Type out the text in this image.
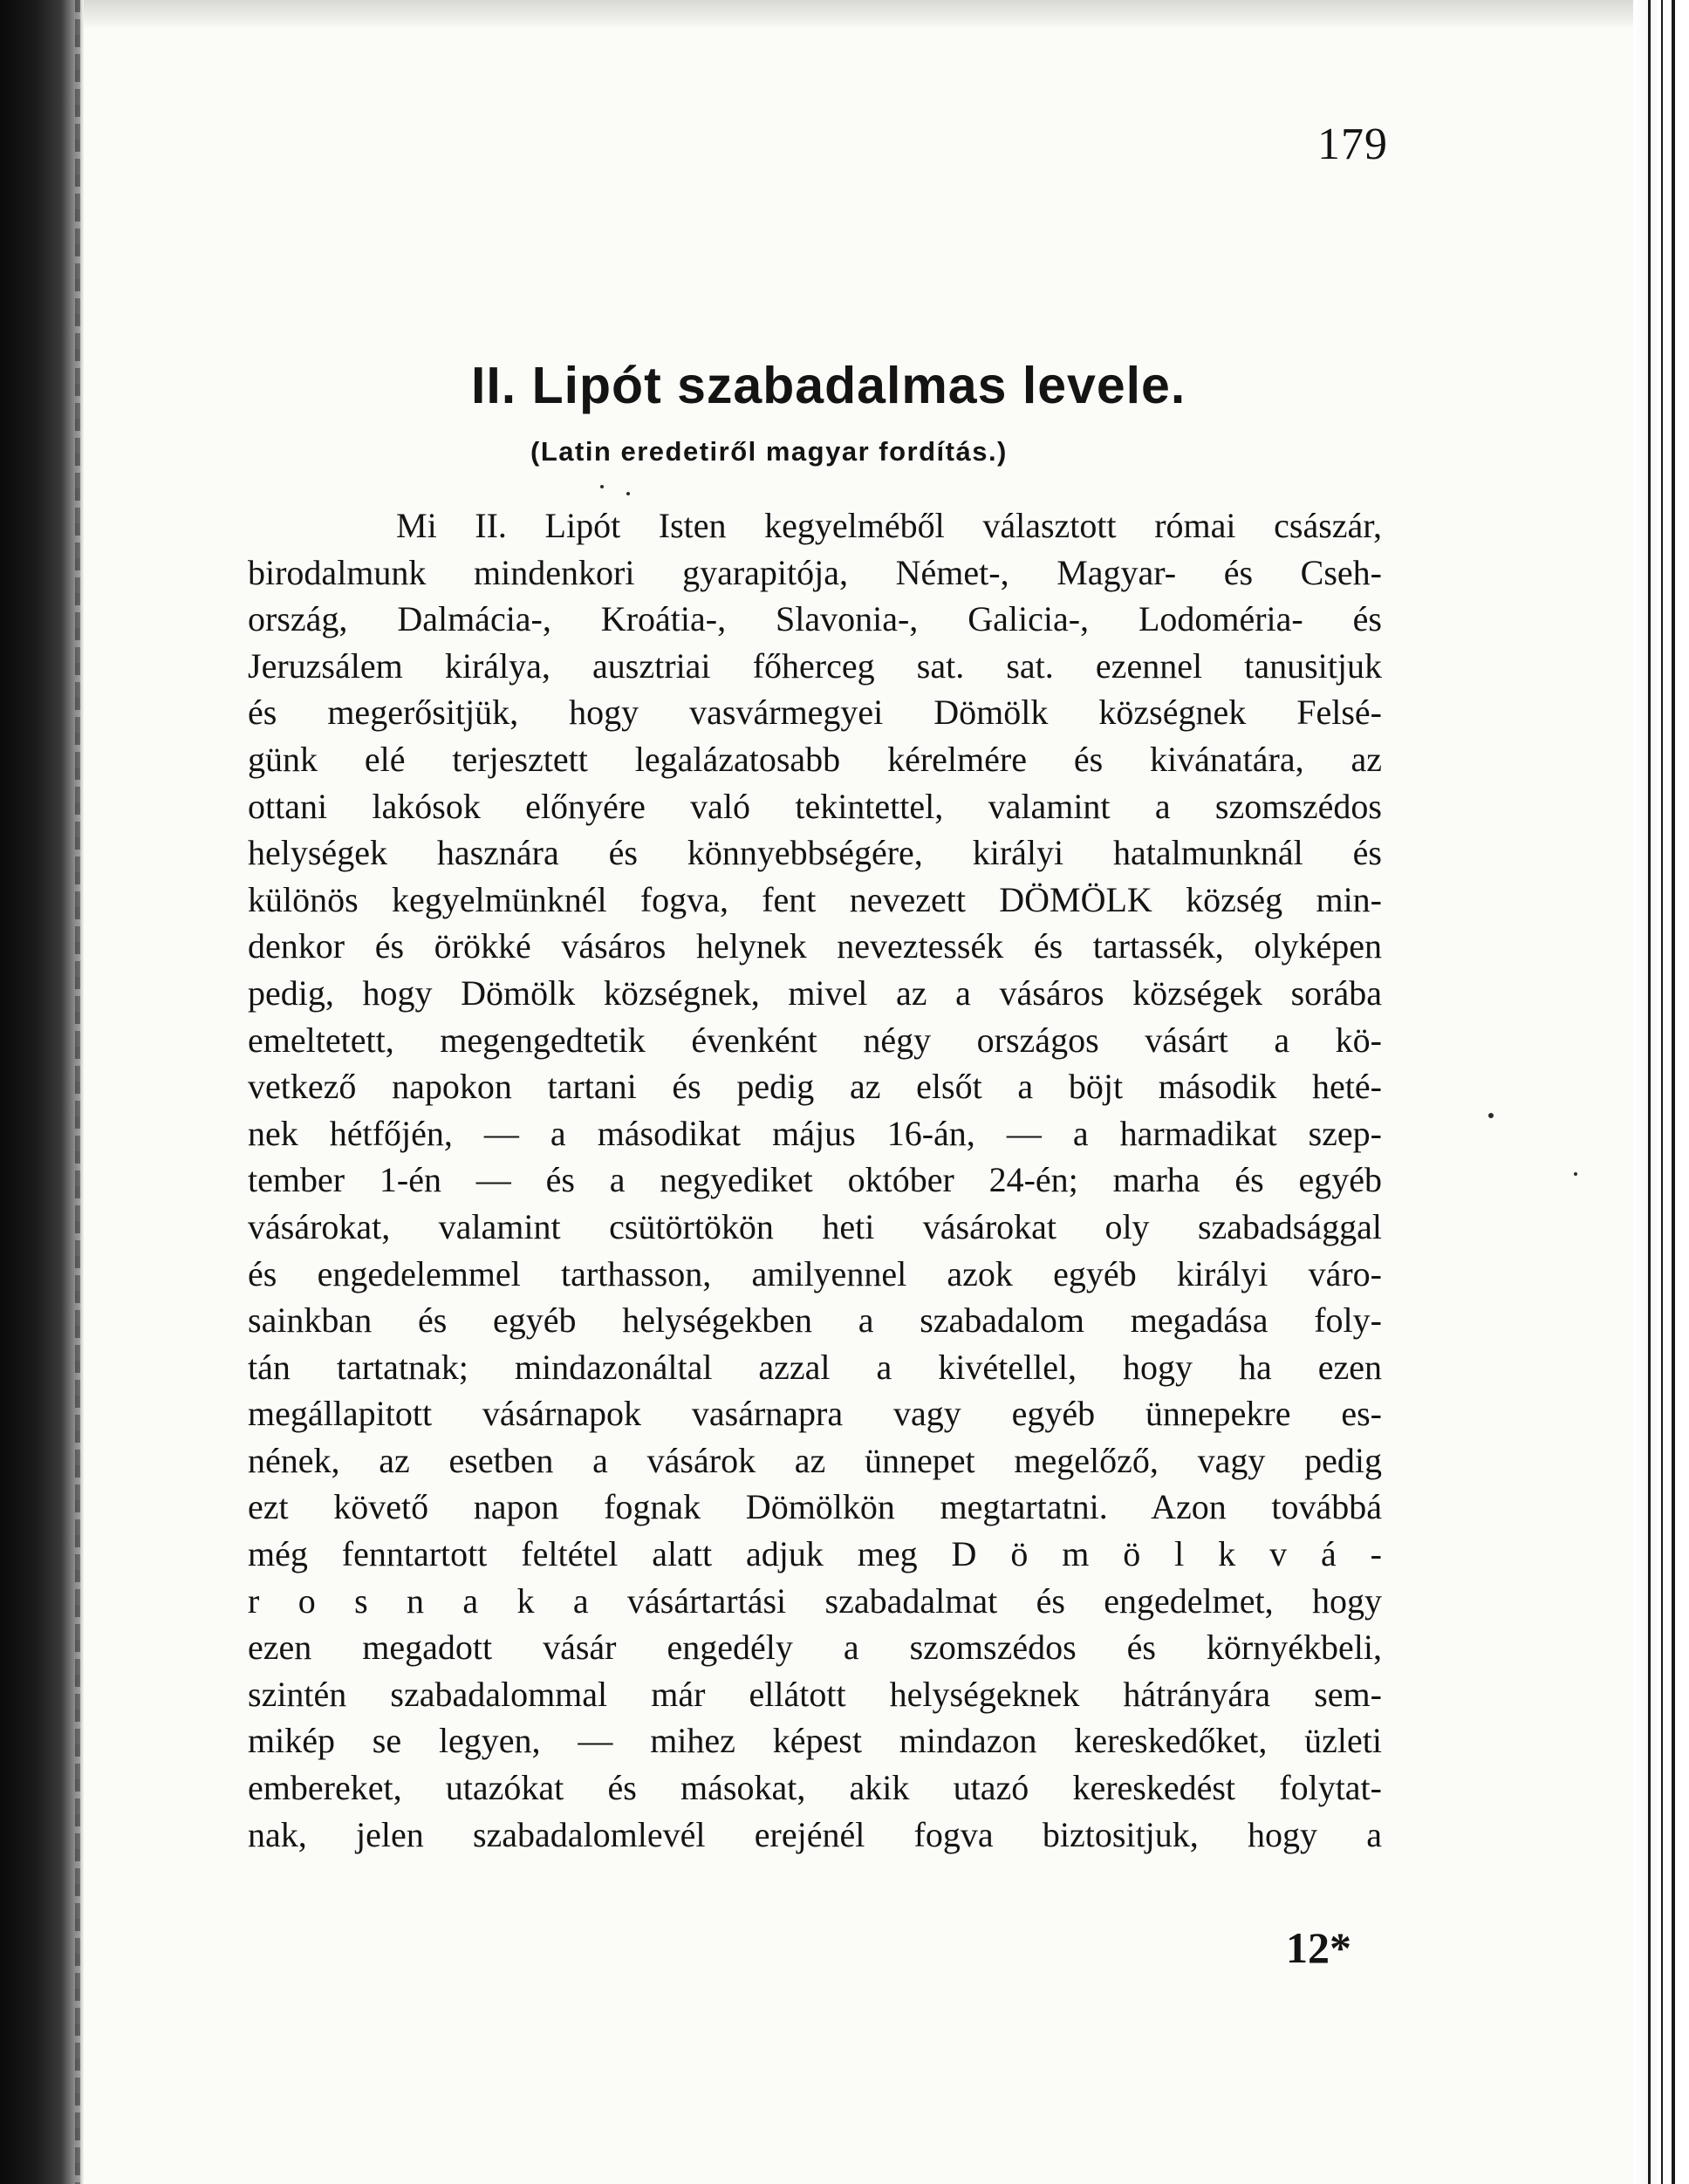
179
II. Lipót szabadalmas levele.
(Latin eredetiről magyar fordítás.)
Mi II. Lipót Isten kegyelméből választott római császár,
birodalmunk mindenkori gyarapitója, Német-, Magyar- és Cseh-
ország, Dalmácia-, Kroátia-, Slavonia-, Galicia-, Lodoméria- és
Jeruzsálem királya, ausztriai főherceg sat. sat. ezennel tanusitjuk
és megerősitjük, hogy vasvármegyei Dömölk községnek Felsé-
günk elé terjesztett legalázatosabb kérelmére és kivánatára, az
ottani lakósok előnyére való tekintettel, valamint a szomszédos
helységek hasznára és könnyebbségére, királyi hatalmunknál és
különös kegyelmünknél fogva, fent nevezett DÖMÖLK község min-
denkor és örökké vásáros helynek neveztessék és tartassék, olyképen
pedig, hogy Dömölk községnek, mivel az a vásáros községek sorába
emeltetett, megengedtetik évenként négy országos vásárt a kö-
vetkező napokon tartani és pedig az elsőt a böjt második heté-
nek hétfőjén, — a másodikat május 16-án, — a harmadikat szep-
tember 1-én — és a negyediket október 24-én; marha és egyéb
vásárokat, valamint csütörtökön heti vásárokat oly szabadsággal
és engedelemmel tarthasson, amilyennel azok egyéb királyi váro-
sainkban és egyéb helységekben a szabadalom megadása foly-
tán tartatnak; mindazonáltal azzal a kivétellel, hogy ha ezen
megállapitott vásárnapok vasárnapra vagy egyéb ünnepekre es-
nének, az esetben a vásárok az ünnepet megelőző, vagy pedig
ezt követő napon fognak Dömölkön megtartatni. Azon továbbá
még fenntartott feltétel alatt adjuk meg D ö m ö l k v á -
r o s n a k a vásártartási szabadalmat és engedelmet, hogy
ezen megadott vásár engedély a szomszédos és környékbeli,
szintén szabadalommal már ellátott helységeknek hátrányára sem-
mikép se legyen, — mihez képest mindazon kereskedőket, üzleti
embereket, utazókat és másokat, akik utazó kereskedést folytat-
nak, jelen szabadalomlevél erejénél fogva biztositjuk, hogy a
12*
